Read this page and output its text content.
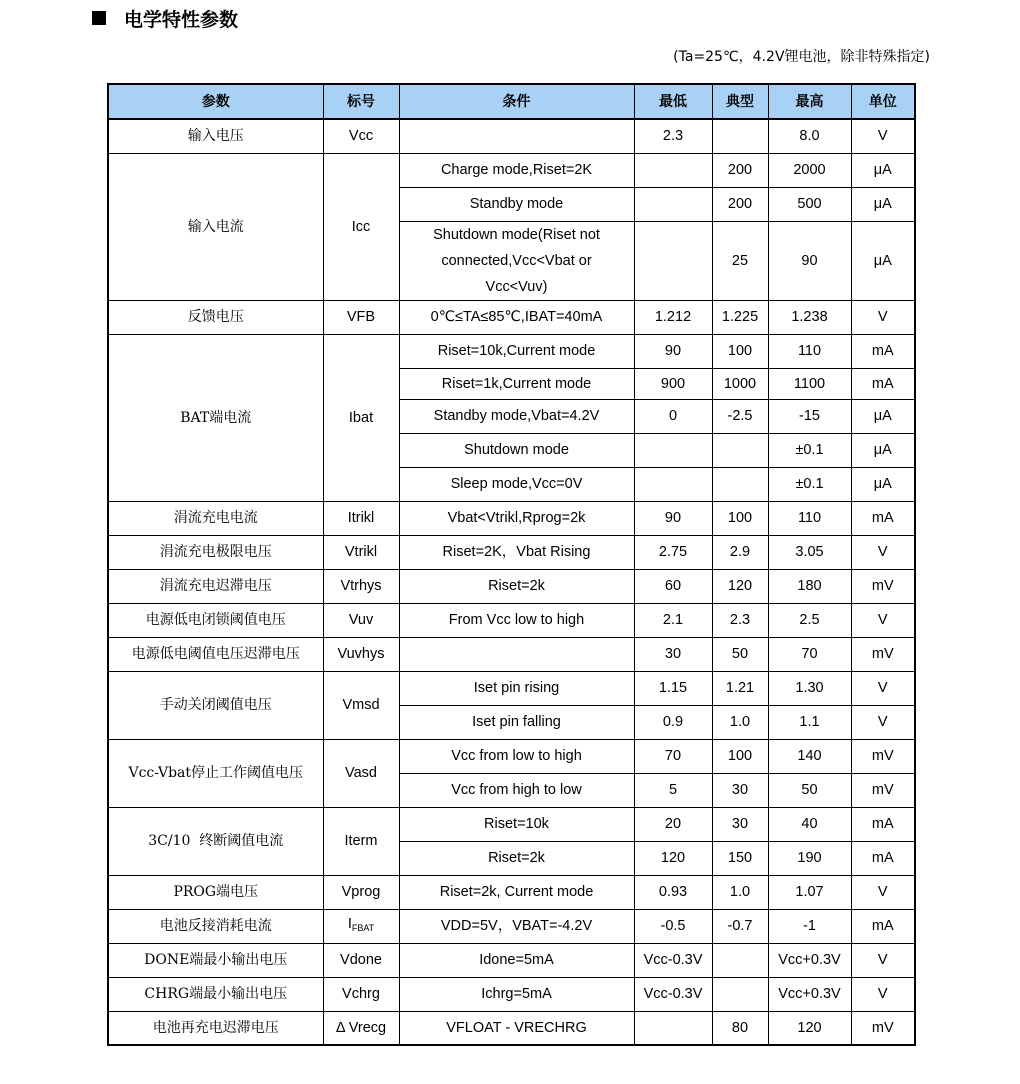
电学特性参数
(Ta=25℃，4.2V锂电池，除非特殊指定)
参数	标号	条件	最低	典型	最高	单位
输入电压	Vcc		2.3		8.0	V
输入电流	Icc	Charge mode,Riset=2K		200	2000	μA
		Standby mode		200	500	μA
		Shutdown mode(Riset not connected,Vcc<Vbat or Vcc<Vuv)		25	90	μA
反馈电压	VFB	0℃≤TA≤85℃,IBAT=40mA	1.212	1.225	1.238	V
BAT端电流	Ibat	Riset=10k,Current mode	90	100	110	mA
		Riset=1k,Current mode	900	1000	1100	mA
		Standby mode,Vbat=4.2V	0	-2.5	-15	μA
		Shutdown mode			±0.1	μA
		Sleep mode,Vcc=0V			±0.1	μA
涓流充电电流	Itrikl	Vbat<Vtrikl,Rprog=2k	90	100	110	mA
涓流充电极限电压	Vtrikl	Riset=2K，Vbat Rising	2.75	2.9	3.05	V
涓流充电迟滞电压	Vtrhys	Riset=2k	60	120	180	mV
电源低电闭锁阈值电压	Vuv	From Vcc low to high	2.1	2.3	2.5	V
电源低电阈值电压迟滞电压	Vuvhys		30	50	70	mV
手动关闭阈值电压	Vmsd	Iset pin rising	1.15	1.21	1.30	V
		Iset pin falling	0.9	1.0	1.1	V
Vcc-Vbat停止工作阈值电压	Vasd	Vcc from low to high	70	100	140	mV
		Vcc from high to low	5	30	50	mV
3C/10  终断阈值电流	Iterm	Riset=10k	20	30	40	mA
		Riset=2k	120	150	190	mA
PROG端电压	Vprog	Riset=2k, Current mode	0.93	1.0	1.07	V
电池反接消耗电流	$I_{FBAT}$	VDD=5V，VBAT=-4.2V	-0.5	-0.7	-1	mA
DONE端最小输出电压	Vdone	Idone=5mA	Vcc-0.3V		Vcc+0.3V	V
CHRG端最小输出电压	Vchrg	Ichrg=5mA	Vcc-0.3V		Vcc+0.3V	V
电池再充电迟滞电压	Δ Vrecg	VFLOAT - VRECHRG		80	120	mV
